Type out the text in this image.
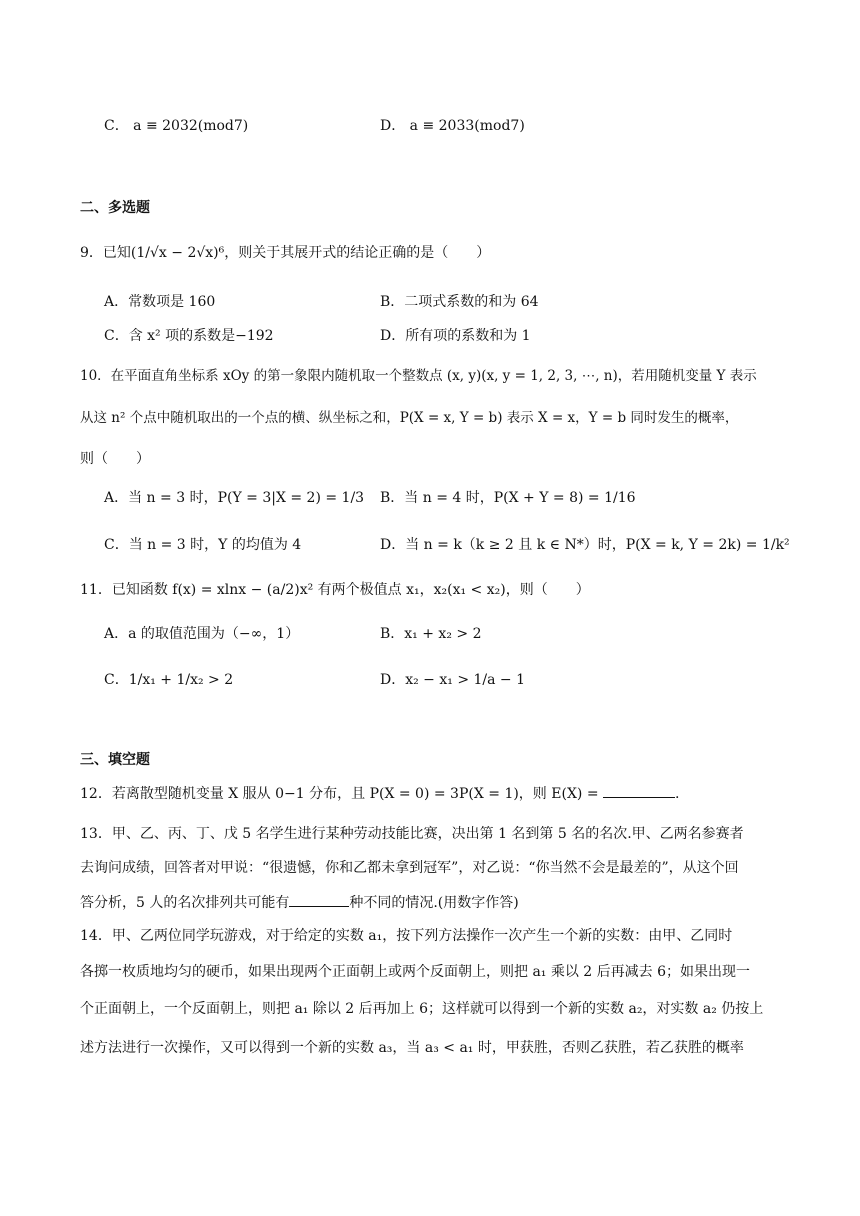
C． a ≡ 2032(mod7)	D． a ≡ 2033(mod7)
二、多选题
9．已知(1/√x − 2√x)⁶，则关于其展开式的结论正确的是（　　）
A．常数项是 160	B．二项式系数的和为 64
C．含 x² 项的系数是−192	D．所有项的系数和为 1
10．在平面直角坐标系 xOy 的第一象限内随机取一个整数点 (x, y)(x, y = 1, 2, 3, ⋯, n)，若用随机变量 Y 表示
从这 n² 个点中随机取出的一个点的横、纵坐标之和，P(X = x, Y = b) 表示 X = x，Y = b 同时发生的概率，
则（　　）
A．当 n = 3 时，P(Y = 3|X = 2) = 1/3 B．当 n = 4 时，P(X + Y = 8) = 1/16
C．当 n = 3 时，Y 的均值为 4	D．当 n = k（k ≥ 2 且 k ∈ N*）时，P(X = k, Y = 2k) = 1/k²
11．已知函数 f(x) = xlnx − (a/2)x² 有两个极值点 x₁，x₂(x₁ < x₂)，则（　　）
A．a 的取值范围为（−∞，1）	B．x₁ + x₂ > 2
C．1/x₁ + 1/x₂ > 2	D．x₂ − x₁ > 1/a − 1
三、填空题
12．若离散型随机变量 X 服从 0−1 分布，且 P(X = 0) = 3P(X = 1)，则 E(X) =	.
13．甲、乙、丙、丁、戊 5 名学生进行某种劳动技能比赛，决出第 1 名到第 5 名的名次.甲、乙两名参赛者
去询问成绩，回答者对甲说：“很遗憾，你和乙都未拿到冠军”，对乙说：“你当然不会是最差的”，从这个回
答分析，5 人的名次排列共可能有	种不同的情况.(用数字作答)
14．甲、乙两位同学玩游戏，对于给定的实数 a₁，按下列方法操作一次产生一个新的实数：由甲、乙同时
各掷一枚质地均匀的硬币，如果出现两个正面朝上或两个反面朝上，则把 a₁ 乘以 2 后再减去 6；如果出现一
个正面朝上，一个反面朝上，则把 a₁ 除以 2 后再加上 6；这样就可以得到一个新的实数 a₂，对实数 a₂ 仍按上
述方法进行一次操作，又可以得到一个新的实数 a₃，当 a₃ < a₁ 时，甲获胜，否则乙获胜，若乙获胜的概率
